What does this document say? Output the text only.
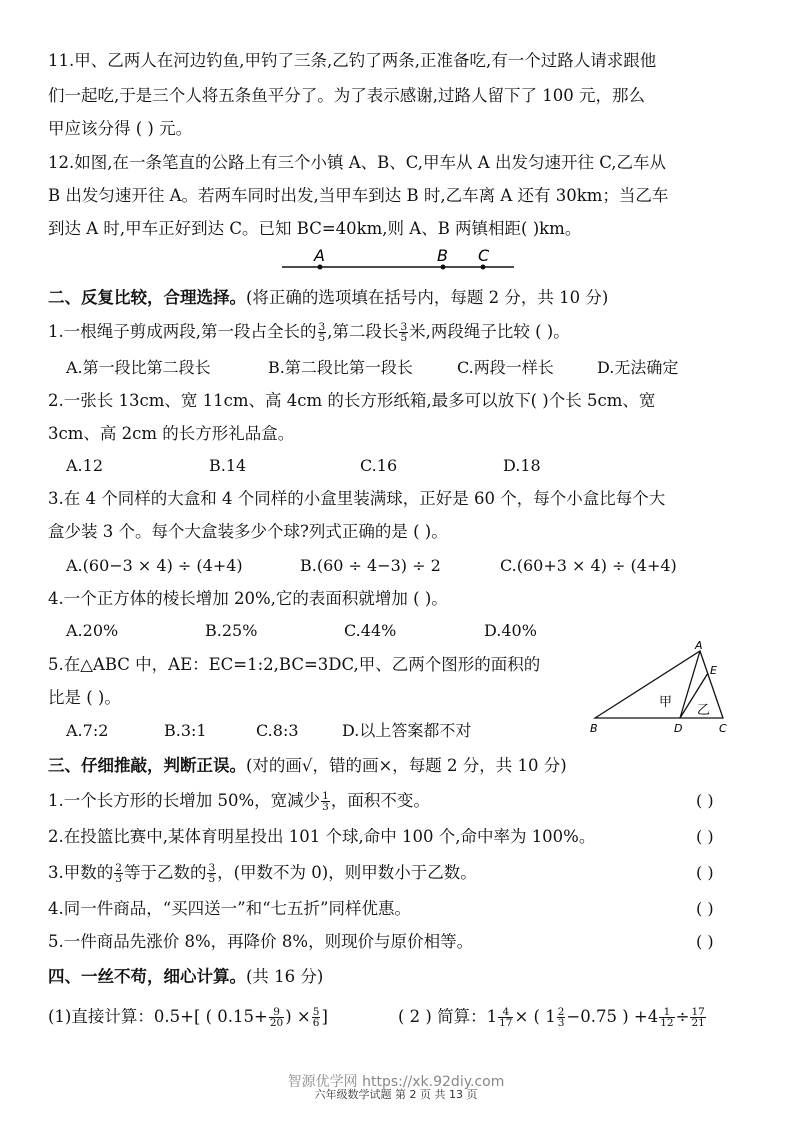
11.甲、乙两人在河边钓鱼,甲钓了三条,乙钓了两条,正准备吃,有一个过路人请求跟他
们一起吃,于是三个人将五条鱼平分了。为了表示感谢,过路人留下了 100 元，那么
甲应该分得 ( ) 元。
12.如图,在一条笔直的公路上有三个小镇 A、B、C,甲车从 A 出发匀速开往 C,乙车从
B 出发匀速开往 A。若两车同时出发,当甲车到达 B 时,乙车离 A 还有 30km；当乙车
到达 A 时,甲车正好到达 C。已知 BC=40km,则 A、B 两镇相距( )km。
A	B C
二、反复比较，合理选择。(将正确的选项填在括号内，每题 2 分，共 10 分)
1.一根绳子剪成两段,第一段占全长的 $\frac{3}{5}$ ,第二段长 $\frac{3}{5}$ 米,两段绳子比较 ( )。
A.第一段比第二段长	B.第二段比第一段长	C.两段一样长	D.无法确定
2.一张长 13cm、宽 11cm、高 4cm 的长方形纸箱,最多可以放下( )个长 5cm、宽
3cm、高 2cm 的长方形礼品盒。
A.12	B.14	C.16	D.18
3.在 4 个同样的大盒和 4 个同样的小盒里装满球，正好是 60 个，每个小盒比每个大
盒少装 3 个。每个大盒装多少个球?列式正确的是 ( )。
A.(60−3 × 4) ÷ (4+4)	B.(60 ÷ 4−3) ÷ 2	C.(60+3 × 4) ÷ (4+4)
4.一个正方体的棱长增加 20%,它的表面积就增加 ( )。
A.20%	B.25%	C.44%	D.40%
5.在△ABC 中，AE：EC=1:2,BC=3DC,甲、乙两个图形的面积的
比是 ( )。
A.7:2	B.3:1	C.8:3	D.以上答案都不对
A
E
B	D	C
甲
乙
三、仔细推敲，判断正误。(对的画√，错的画×，每题 2 分，共 10 分)
1.一个长方形的长增加 50%，宽减少 $\frac{1}{3}$ ，面积不变。	( )
2.在投篮比赛中,某体育明星投出 101 个球,命中 100 个,命中率为 100%。	( )
3.甲数的 $\frac{2}{3}$ 等于乙数的 $\frac{3}{5}$ ，(甲数不为 0)，则甲数小于乙数。	( )
4.同一件商品，“买四送一”和“七五折”同样优惠。	( )
5.一件商品先涨价 8%，再降价 8%，则现价与原价相等。	( )
四、一丝不苟，细心计算。(共 16 分)
(1)直接计算：0.5+[ ( $0.15+ \frac{9}{20}$ ) × $\frac{5}{6}$ ]	( 2 ) 简算：$1 \frac{4}{17}$ × ( $1 \frac{2}{3} -0.75$ ) $+4 \frac{1}{12} \div \frac{17}{21}$
智源优学网 https://xk.92diy.com
六年级数学试题 第 2 页 共 13 页
